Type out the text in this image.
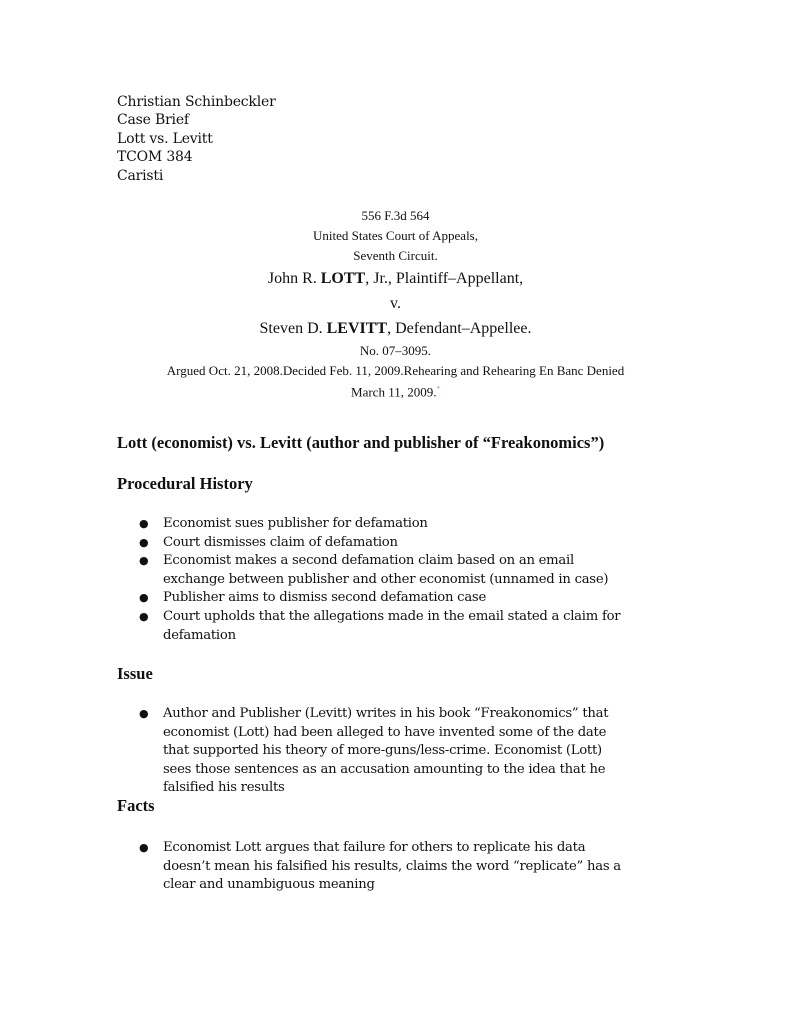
Christian Schinbeckler
Case Brief
Lott vs. Levitt
TCOM 384
Caristi
556 F.3d 564
United States Court of Appeals,
Seventh Circuit.
John R. LOTT, Jr., Plaintiff–Appellant,
v.
Steven D. LEVITT, Defendant–Appellee.
No. 07–3095.
Argued Oct. 21, 2008.Decided Feb. 11, 2009.Rehearing and Rehearing En Banc Denied
March 11, 2009.*
Lott (economist) vs. Levitt (author and publisher of “Freakonomics”)
Procedural History
● Economist sues publisher for defamation
● Court dismisses claim of defamation
● Economist makes a second defamation claim based on an email exchange between publisher and other economist (unnamed in case)
● Publisher aims to dismiss second defamation case
● Court upholds that the allegations made in the email stated a claim for defamation
Issue
● Author and Publisher (Levitt) writes in his book “Freakonomics” that economist (Lott) had been alleged to have invented some of the date that supported his theory of more-guns/less-crime. Economist (Lott) sees those sentences as an accusation amounting to the idea that he falsified his results
Facts
● Economist Lott argues that failure for others to replicate his data doesn’t mean his falsified his results, claims the word “replicate” has a clear and unambiguous meaning
